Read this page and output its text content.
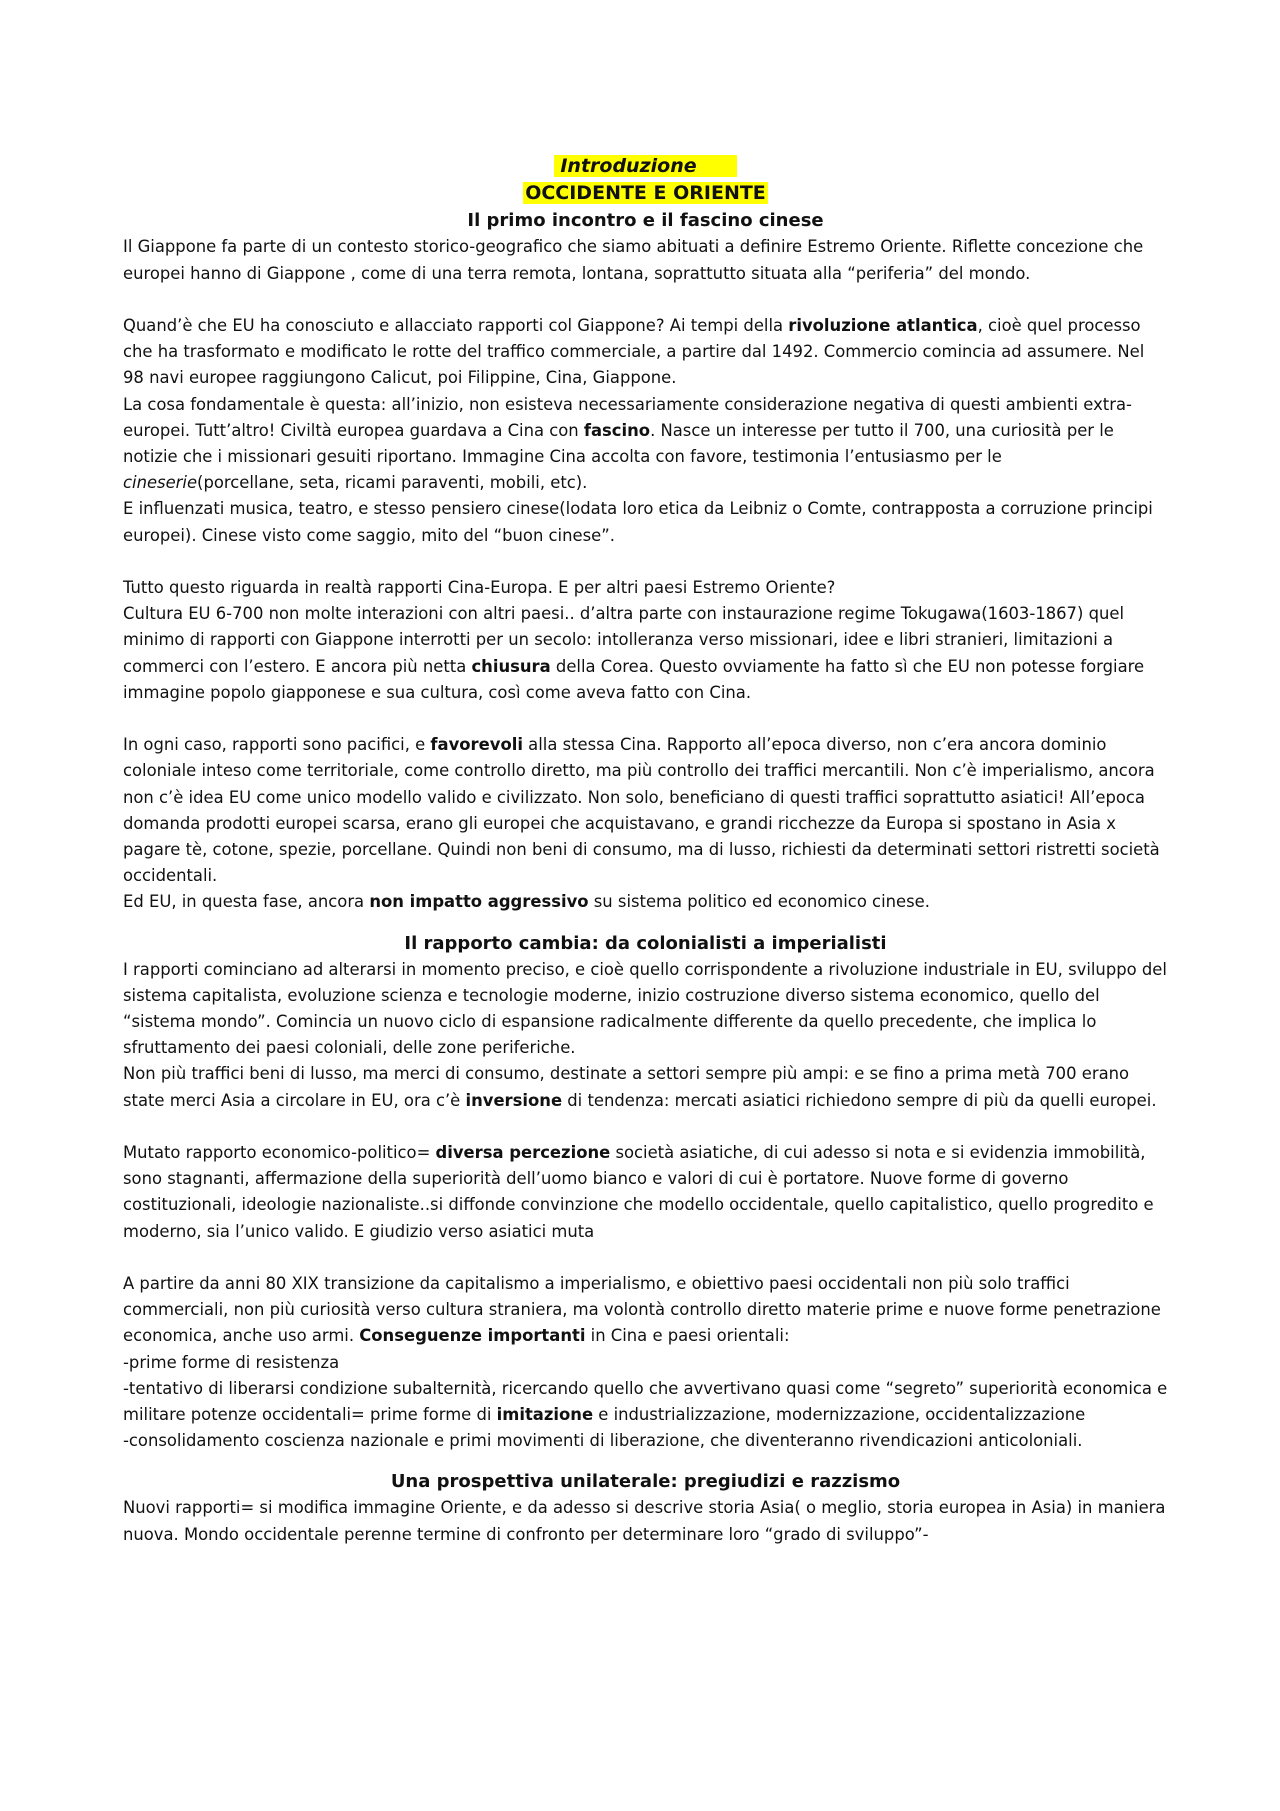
Introduzione
OCCIDENTE E ORIENTE
Il primo incontro e il fascino cinese

Il Giappone fa parte di un contesto storico-geografico che siamo abituati a definire Estremo Oriente. Riflette concezione che europei hanno di Giappone , come di una terra remota, lontana, soprattutto situata alla “periferia” del mondo.

Quand’è che EU ha conosciuto e allacciato rapporti col Giappone? Ai tempi della rivoluzione atlantica, cioè quel processo che ha trasformato e modificato le rotte del traffico commerciale, a partire dal 1492. Commercio comincia ad assumere. Nel 98 navi europee raggiungono Calicut, poi Filippine, Cina, Giappone.

La cosa fondamentale è questa: all’inizio, non esisteva necessariamente considerazione negativa di questi ambienti extra-europei. Tutt’altro! Civiltà europea guardava a Cina con fascino. Nasce un interesse per tutto il 700, una curiosità per le notizie che i missionari gesuiti riportano. Immagine Cina accolta con favore, testimonia l’entusiasmo per le cineserie(porcellane, seta, ricami paraventi, mobili, etc).

E influenzati musica, teatro, e stesso pensiero cinese(lodata loro etica da Leibniz o Comte, contrapposta a corruzione principi europei). Cinese visto come saggio, mito del “buon cinese”.

Tutto questo riguarda in realtà rapporti Cina-Europa. E per altri paesi Estremo Oriente?

Cultura EU 6-700 non molte interazioni con altri paesi.. d’altra parte con instaurazione regime Tokugawa(1603-1867) quel minimo di rapporti con Giappone interrotti per un secolo: intolleranza verso missionari, idee e libri stranieri, limitazioni a commerci con l’estero. E ancora più netta chiusura della Corea. Questo ovviamente ha fatto sì che EU non potesse forgiare immagine popolo giapponese e sua cultura, così come aveva fatto con Cina.

In ogni caso, rapporti sono pacifici, e favorevoli alla stessa Cina. Rapporto all’epoca diverso, non c’era ancora dominio coloniale inteso come territoriale, come controllo diretto, ma più controllo dei traffici mercantili. Non c’è imperialismo, ancora non c’è idea EU come unico modello valido e civilizzato. Non solo, beneficiano di questi traffici soprattutto asiatici! All’epoca domanda prodotti europei scarsa, erano gli europei che acquistavano, e grandi ricchezze da Europa si spostano in Asia x pagare tè, cotone, spezie, porcellane. Quindi non beni di consumo, ma di lusso, richiesti da determinati settori ristretti società occidentali.

Ed EU, in questa fase, ancora non impatto aggressivo su sistema politico ed economico cinese.

Il rapporto cambia: da colonialisti a imperialisti

I rapporti cominciano ad alterarsi in momento preciso, e cioè quello corrispondente a rivoluzione industriale in EU, sviluppo del sistema capitalista, evoluzione scienza e tecnologie moderne, inizio costruzione diverso sistema economico, quello del “sistema mondo”. Comincia un nuovo ciclo di espansione radicalmente differente da quello precedente, che implica lo sfruttamento dei paesi coloniali, delle zone periferiche.

Non più traffici beni di lusso, ma merci di consumo, destinate a settori sempre più ampi: e se fino a prima metà 700 erano state merci Asia a circolare in EU, ora c’è inversione di tendenza: mercati asiatici richiedono sempre di più da quelli europei.

Mutato rapporto economico-politico= diversa percezione società asiatiche, di cui adesso si nota e si evidenzia immobilità, sono stagnanti, affermazione della superiorità dell’uomo bianco e valori di cui è portatore. Nuove forme di governo costituzionali, ideologie nazionaliste..si diffonde convinzione che modello occidentale, quello capitalistico, quello progredito e moderno, sia l’unico valido. E giudizio verso asiatici muta

A partire da anni 80 XIX transizione da capitalismo a imperialismo, e obiettivo paesi occidentali non più solo traffici commerciali, non più curiosità verso cultura straniera, ma volontà controllo diretto materie prime e nuove forme penetrazione economica, anche uso armi. Conseguenze importanti in Cina e paesi orientali:

-prime forme di resistenza

-tentativo di liberarsi condizione subalternità, ricercando quello che avvertivano quasi come “segreto” superiorità economica e militare potenze occidentali= prime forme di imitazione e industrializzazione, modernizzazione, occidentalizzazione

-consolidamento coscienza nazionale e primi movimenti di liberazione, che diventeranno rivendicazioni anticoloniali.

Una prospettiva unilaterale: pregiudizi e razzismo

Nuovi rapporti= si modifica immagine Oriente, e da adesso si descrive storia Asia( o meglio, storia europea in Asia) in maniera nuova. Mondo occidentale perenne termine di confronto per determinare loro “grado di sviluppo”-
